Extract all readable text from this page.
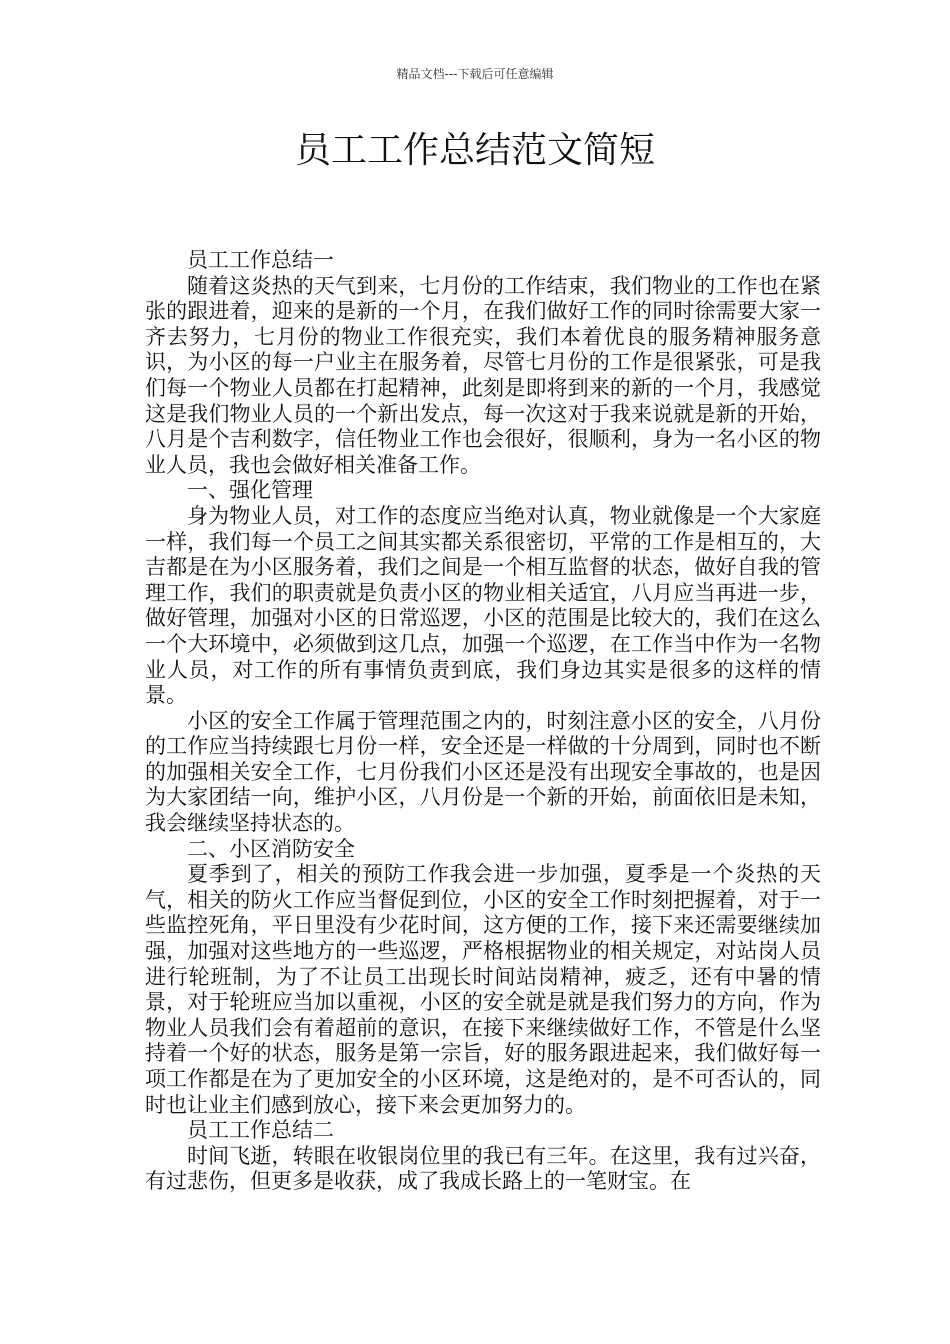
精品文档---下载后可任意编辑
员工工作总结范文简短

员工工作总结一

随着这炎热的天气到来，七月份的工作结束，我们物业的工作也在紧张的跟进着，迎来的是新的一个月，在我们做好工作的同时徐需要大家一齐去努力，七月份的物业工作很充实，我们本着优良的服务精神服务意识，为小区的每一户业主在服务着，尽管七月份的工作是很紧张，可是我们每一个物业人员都在打起精神，此刻是即将到来的新的一个月，我感觉这是我们物业人员的一个新出发点，每一次这对于我来说就是新的开始，八月是个吉利数字，信任物业工作也会很好，很顺利，身为一名小区的物业人员，我也会做好相关准备工作。

一、强化管理

身为物业人员，对工作的态度应当绝对认真，物业就像是一个大家庭一样，我们每一个员工之间其实都关系很密切，平常的工作是相互的，大吉都是在为小区服务着，我们之间是一个相互监督的状态，做好自我的管理工作，我们的职责就是负责小区的物业相关适宜，八月应当再进一步，做好管理，加强对小区的日常巡逻，小区的范围是比较大的，我们在这么一个大环境中，必须做到这几点，加强一个巡逻，在工作当中作为一名物业人员，对工作的所有事情负责到底，我们身边其实是很多的这样的情景。

小区的安全工作属于管理范围之内的，时刻注意小区的安全，八月份的工作应当持续跟七月份一样，安全还是一样做的十分周到，同时也不断的加强相关安全工作，七月份我们小区还是没有出现安全事故的，也是因为大家团结一向，维护小区，八月份是一个新的开始，前面依旧是未知，我会继续坚持状态的。

二、小区消防安全

夏季到了，相关的预防工作我会进一步加强，夏季是一个炎热的天气，相关的防火工作应当督促到位，小区的安全工作时刻把握着，对于一些监控死角，平日里没有少花时间，这方便的工作，接下来还需要继续加强，加强对这些地方的一些巡逻，严格根据物业的相关规定，对站岗人员进行轮班制，为了不让员工出现长时间站岗精神，疲乏，还有中暑的情景，对于轮班应当加以重视，小区的安全就是就是我们努力的方向，作为物业人员我们会有着超前的意识，在接下来继续做好工作，不管是什么坚持着一个好的状态，服务是第一宗旨，好的服务跟进起来，我们做好每一项工作都是在为了更加安全的小区环境，这是绝对的，是不可否认的，同时也让业主们感到放心，接下来会更加努力的。

员工工作总结二

时间飞逝，转眼在收银岗位里的我已有三年。在这里，我有过兴奋，有过悲伤，但更多是收获，成了我成长路上的一笔财宝。在
